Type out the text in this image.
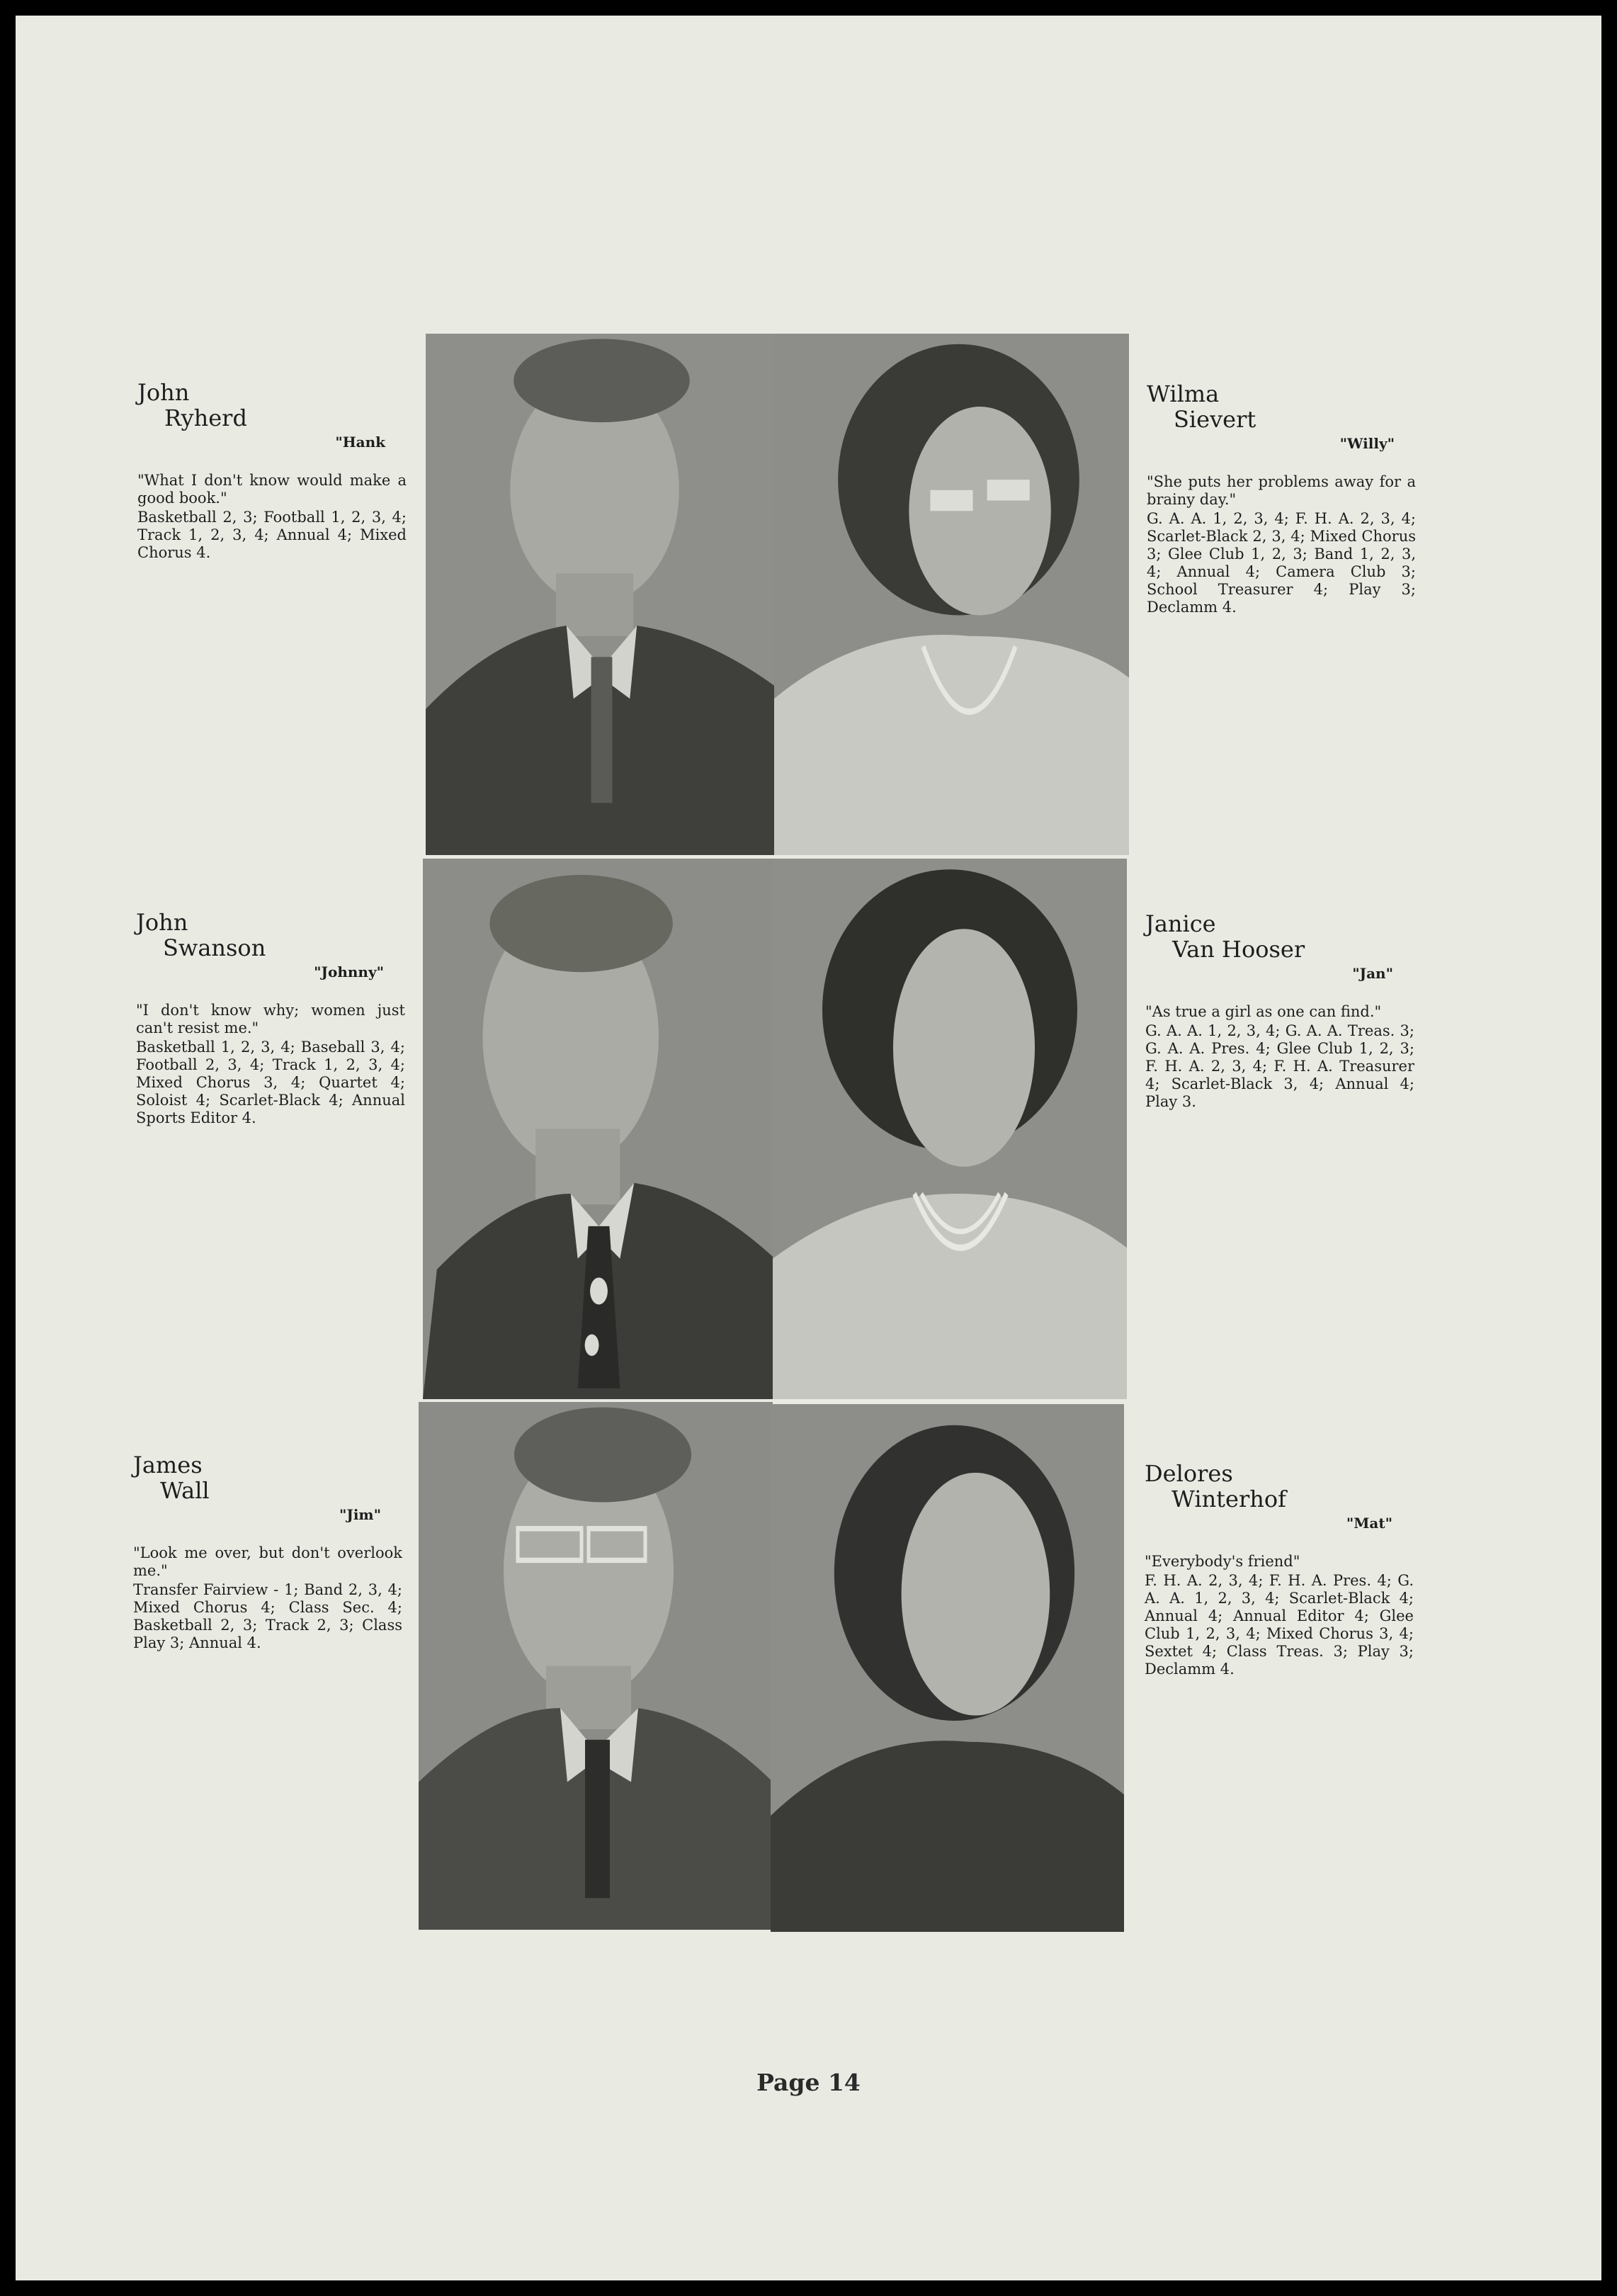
John
Ryherd
"Hank
"What I don't know would make a good book."
Basketball 2, 3; Football 1, 2, 3, 4; Track 1, 2, 3, 4; Annual 4; Mixed Chorus 4.
Wilma
Sievert
"Willy"
"She puts her problems away for a brainy day."
G. A. A. 1, 2, 3, 4; F. H. A. 2, 3, 4; Scarlet-Black 2, 3, 4; Mixed Chorus 3; Glee Club 1, 2, 3; Band 1, 2, 3, 4; Annual 4; Camera Club 3; School Treasurer 4; Play 3; Declamm 4.
John
Swanson
"Johnny"
"I don't know why; women just can't resist me."
Basketball 1, 2, 3, 4; Baseball 3, 4; Football 2, 3, 4; Track 1, 2, 3, 4; Mixed Chorus 3, 4; Quartet 4; Soloist 4; Scarlet-Black 4; Annual Sports Editor 4.
Janice
Van Hooser
"Jan"
"As true a girl as one can find."
G. A. A. 1, 2, 3, 4; G. A. A. Treas. 3; G. A. A. Pres. 4; Glee Club 1, 2, 3; F. H. A. 2, 3, 4; F. H. A. Treasurer 4; Scarlet-Black 3, 4; Annual 4; Play 3.
James
Wall
"Jim"
"Look me over, but don't overlook me."
Transfer Fairview - 1; Band 2, 3, 4; Mixed Chorus 4; Class Sec. 4; Basketball 2, 3; Track 2, 3; Class Play 3; Annual 4.
Delores
Winterhof
"Mat"
"Everybody's friend"
F. H. A. 2, 3, 4; F. H. A. Pres. 4; G. A. A. 1, 2, 3, 4; Scarlet-Black 4; Annual 4; Annual Editor 4; Glee Club 1, 2, 3, 4; Mixed Chorus 3, 4; Sextet 4; Class Treas. 3; Play 3; Declamm 4.
Page 14
